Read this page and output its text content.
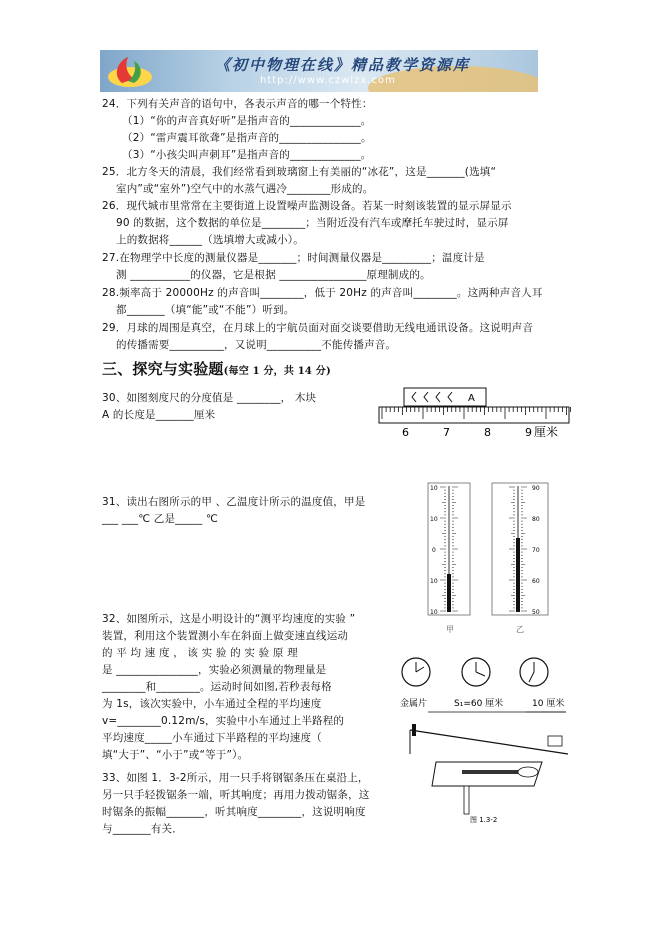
《初中物理在线》精品教学资源库
http://www.czwlzx.com
24．下列有关声音的语句中，各表示声音的哪一个特性：
（1）“你的声音真好听”是指声音的_____________。
（2）“雷声震耳欲聋”是指声音的_______________。
（3）“小孩尖叫声刺耳”是指声音的_____________。
25．北方冬天的清晨，我们经常看到玻璃窗上有美丽的“冰花”，这是_______(选填“
室内”或“室外”)空气中的水蒸气遇冷________形成的。
26．现代城市里常常在主要街道上设置噪声监测设备。若某一时刻该装置的显示屏显示
90 的数据，这个数据的单位是________；当附近没有汽车或摩托车驶过时，显示屏
上的数据将______（选填增大或减小）。
27.在物理学中长度的测量仪器是_______；时间测量仪器是_________；温度计是
测 ___________的仪器，它是根据 ________________原理制成的。
28.频率高于 20000Hz 的声音叫________，低于 20Hz 的声音叫________。这两种声音人耳
都_______（填“能”或“不能”）听到。
29．月球的周围是真空，在月球上的宇航员面对面交谈要借助无线电通讯设备。这说明声音
的传播需要__________，又说明__________不能传播声音。
三、探究与实验题(每空 1 分，共 14 分)
30、如图刻度尺的分度值是 ________， 木块
A 的长度是_______厘米
A
6	7	8	9 厘米
31、读出右图所示的甲 、乙温度计所示的温度值，甲是
___ ___℃ 乙是_____ ℃
10
10
0
10
10
甲
90
80
70
60
50
乙
32、如图所示，这是小明设计的“测平均速度的实验 ”
装置，利用这个装置测小车在斜面上做变速直线运动
的 平 均 速 度 ， 该 实 验 的 实 验 原 理
是 _______________，实验必须测量的物理量是
________和________。运动时间如图,若秒表每格
为 1s，该次实验中，小车通过全程的平均速度
v=________0.12m/s，实验中小车通过上半路程的
平均速度_____小车通过下半路程的平均速度（
填“大于”、“小于”或“等于”）。
金属片	S₁=60 厘米	10 厘米
33、如图 1．3-2所示，用一只手将钢锯条压在桌沿上，
另一只手轻拨锯条一端，听其响度；再用力拨动锯条，这
时锯条的振幅_______，听其响度________，这说明响度
与_______有关．
图 1.3-2
